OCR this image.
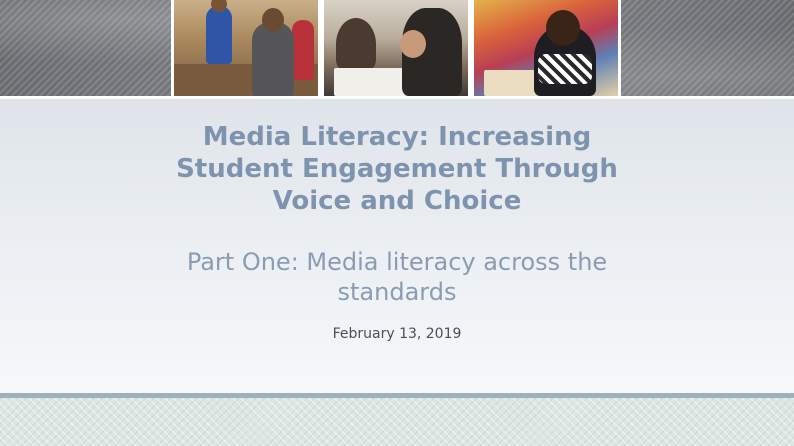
Media Literacy: Increasing
Student Engagement Through
Voice and Choice
Part One: Media literacy across the
standards
February 13, 2019
